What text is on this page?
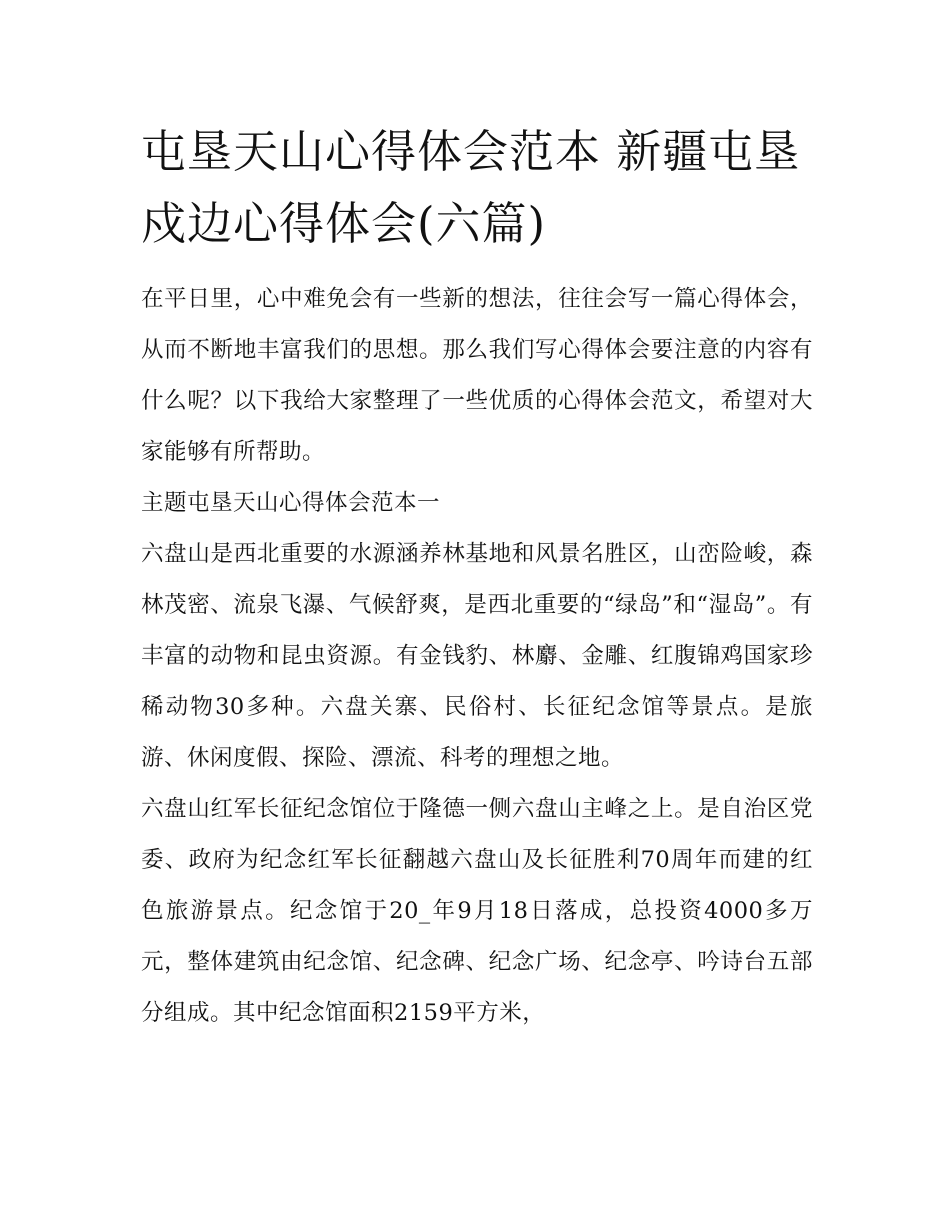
屯垦天山心得体会范本 新疆屯垦戍边心得体会(六篇)

在平日里，心中难免会有一些新的想法，往往会写一篇心得体会，从而不断地丰富我们的思想。那么我们写心得体会要注意的内容有什么呢？以下我给大家整理了一些优质的心得体会范文，希望对大家能够有所帮助。

主题屯垦天山心得体会范本一

六盘山是西北重要的水源涵养林基地和风景名胜区，山峦险峻，森林茂密、流泉飞瀑、气候舒爽，是西北重要的“绿岛”和“湿岛”。有丰富的动物和昆虫资源。有金钱豹、林麝、金雕、红腹锦鸡国家珍稀动物30多种。六盘关寨、民俗村、长征纪念馆等景点。是旅游、休闲度假、探险、漂流、科考的理想之地。

六盘山红军长征纪念馆位于隆德一侧六盘山主峰之上。是自治区党委、政府为纪念红军长征翻越六盘山及长征胜利70周年而建的红色旅游景点。纪念馆于20_年9月18日落成，总投资4000多万元，整体建筑由纪念馆、纪念碑、纪念广场、纪念亭、吟诗台五部分组成。其中纪念馆面积2159平方米，
